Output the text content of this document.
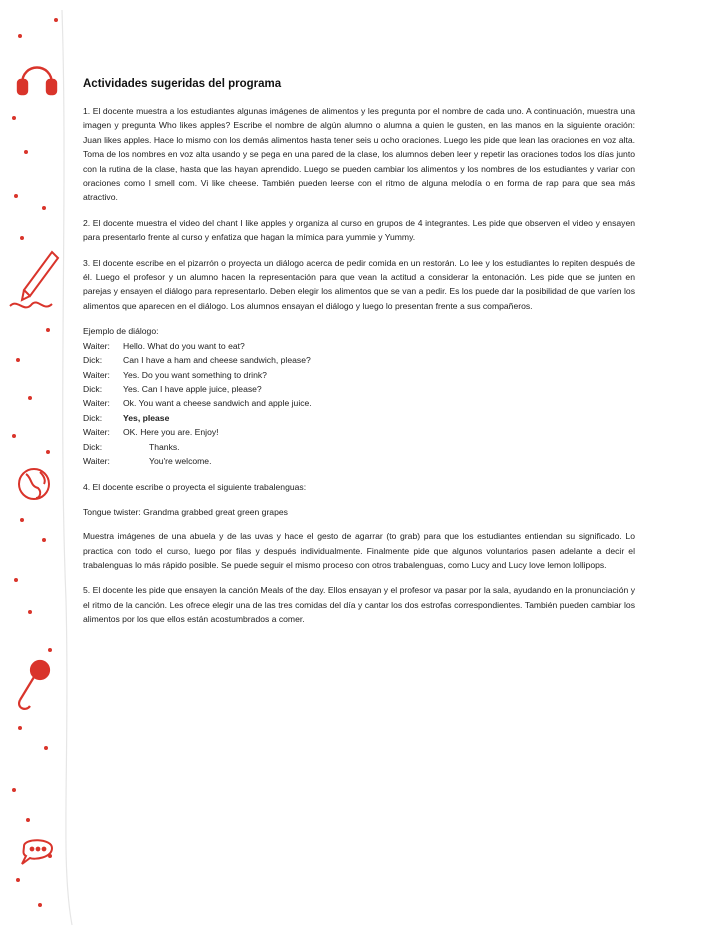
Actividades sugeridas del programa

1. El docente muestra a los estudiantes algunas imágenes de alimentos y les pregunta por el nombre de cada uno. A continuación, muestra una imagen y pregunta Who likes apples? Escribe el nombre de algún alumno o alumna a quien le gusten, en las manos en la siguiente oración: Juan likes apples. Hace lo mismo con los demás alimentos hasta tener seis u ocho oraciones. Luego les pide que lean las oraciones en voz alta. Toma de los nombres en voz alta usando y se pega en una pared de la clase, los alumnos deben leer y repetir las oraciones todos los días junto con la rutina de la clase, hasta que las hayan aprendido. Luego se pueden cambiar los alimentos y los nombres de los estudiantes y variar con oraciones como I smell com. Vi like cheese. También pueden leerse con el ritmo de alguna melodía o en forma de rap para que sea más atractivo.

2. El docente muestra el video del chant I like apples y organiza al curso en grupos de 4 integrantes. Les pide que observen el video y ensayen para presentarlo frente al curso y enfatiza que hagan la mímica para yummie y Yummy.

3. El docente escribe en el pizarrón o proyecta un diálogo acerca de pedir comida en un restorán. Lo lee y los estudiantes lo repiten después de él. Luego el profesor y un alumno hacen la representación para que vean la actitud a considerar la entonación. Les pide que se junten en parejas y ensayen el diálogo para representarlo. Deben elegir los alimentos que se van a pedir. Es los puede dar la posibilidad de que varíen los alimentos que aparecen en el diálogo. Los alumnos ensayan el diálogo y luego lo presentan frente a sus compañeros.

Ejemplo de diálogo:
Waiter:	Hello. What do you want to eat?
Dick:	Can I have a ham and cheese sandwich, please?
Waiter:	Yes. Do you want something to drink?
Dick:	Yes. Can I have apple juice, please?
Waiter:	Ok. You want a cheese sandwich and apple juice.
Dick:	Yes, please
Waiter:	OK. Here you are. Enjoy!
Dick:	Thanks.
Waiter:	You're welcome.

4. El docente escribe o proyecta el siguiente trabalenguas:

Tongue twister: Grandma grabbed great green grapes

Muestra imágenes de una abuela y de las uvas y hace el gesto de agarrar (to grab) para que los estudiantes entiendan su significado. Lo practica con todo el curso, luego por filas y después individualmente. Finalmente pide que algunos voluntarios pasen adelante a decir el trabalenguas lo más rápido posible. Se puede seguir el mismo proceso con otros trabalenguas, como Lucy and Lucy love lemon lollipops.

5. El docente les pide que ensayen la canción Meals of the day. Ellos ensayan y el profesor va pasar por la sala, ayudando en la pronunciación y el ritmo de la canción. Les ofrece elegir una de las tres comidas del día y cantar los dos estrofas correspondientes. También pueden cambiar los alimentos por los que ellos están acostumbrados a comer.
